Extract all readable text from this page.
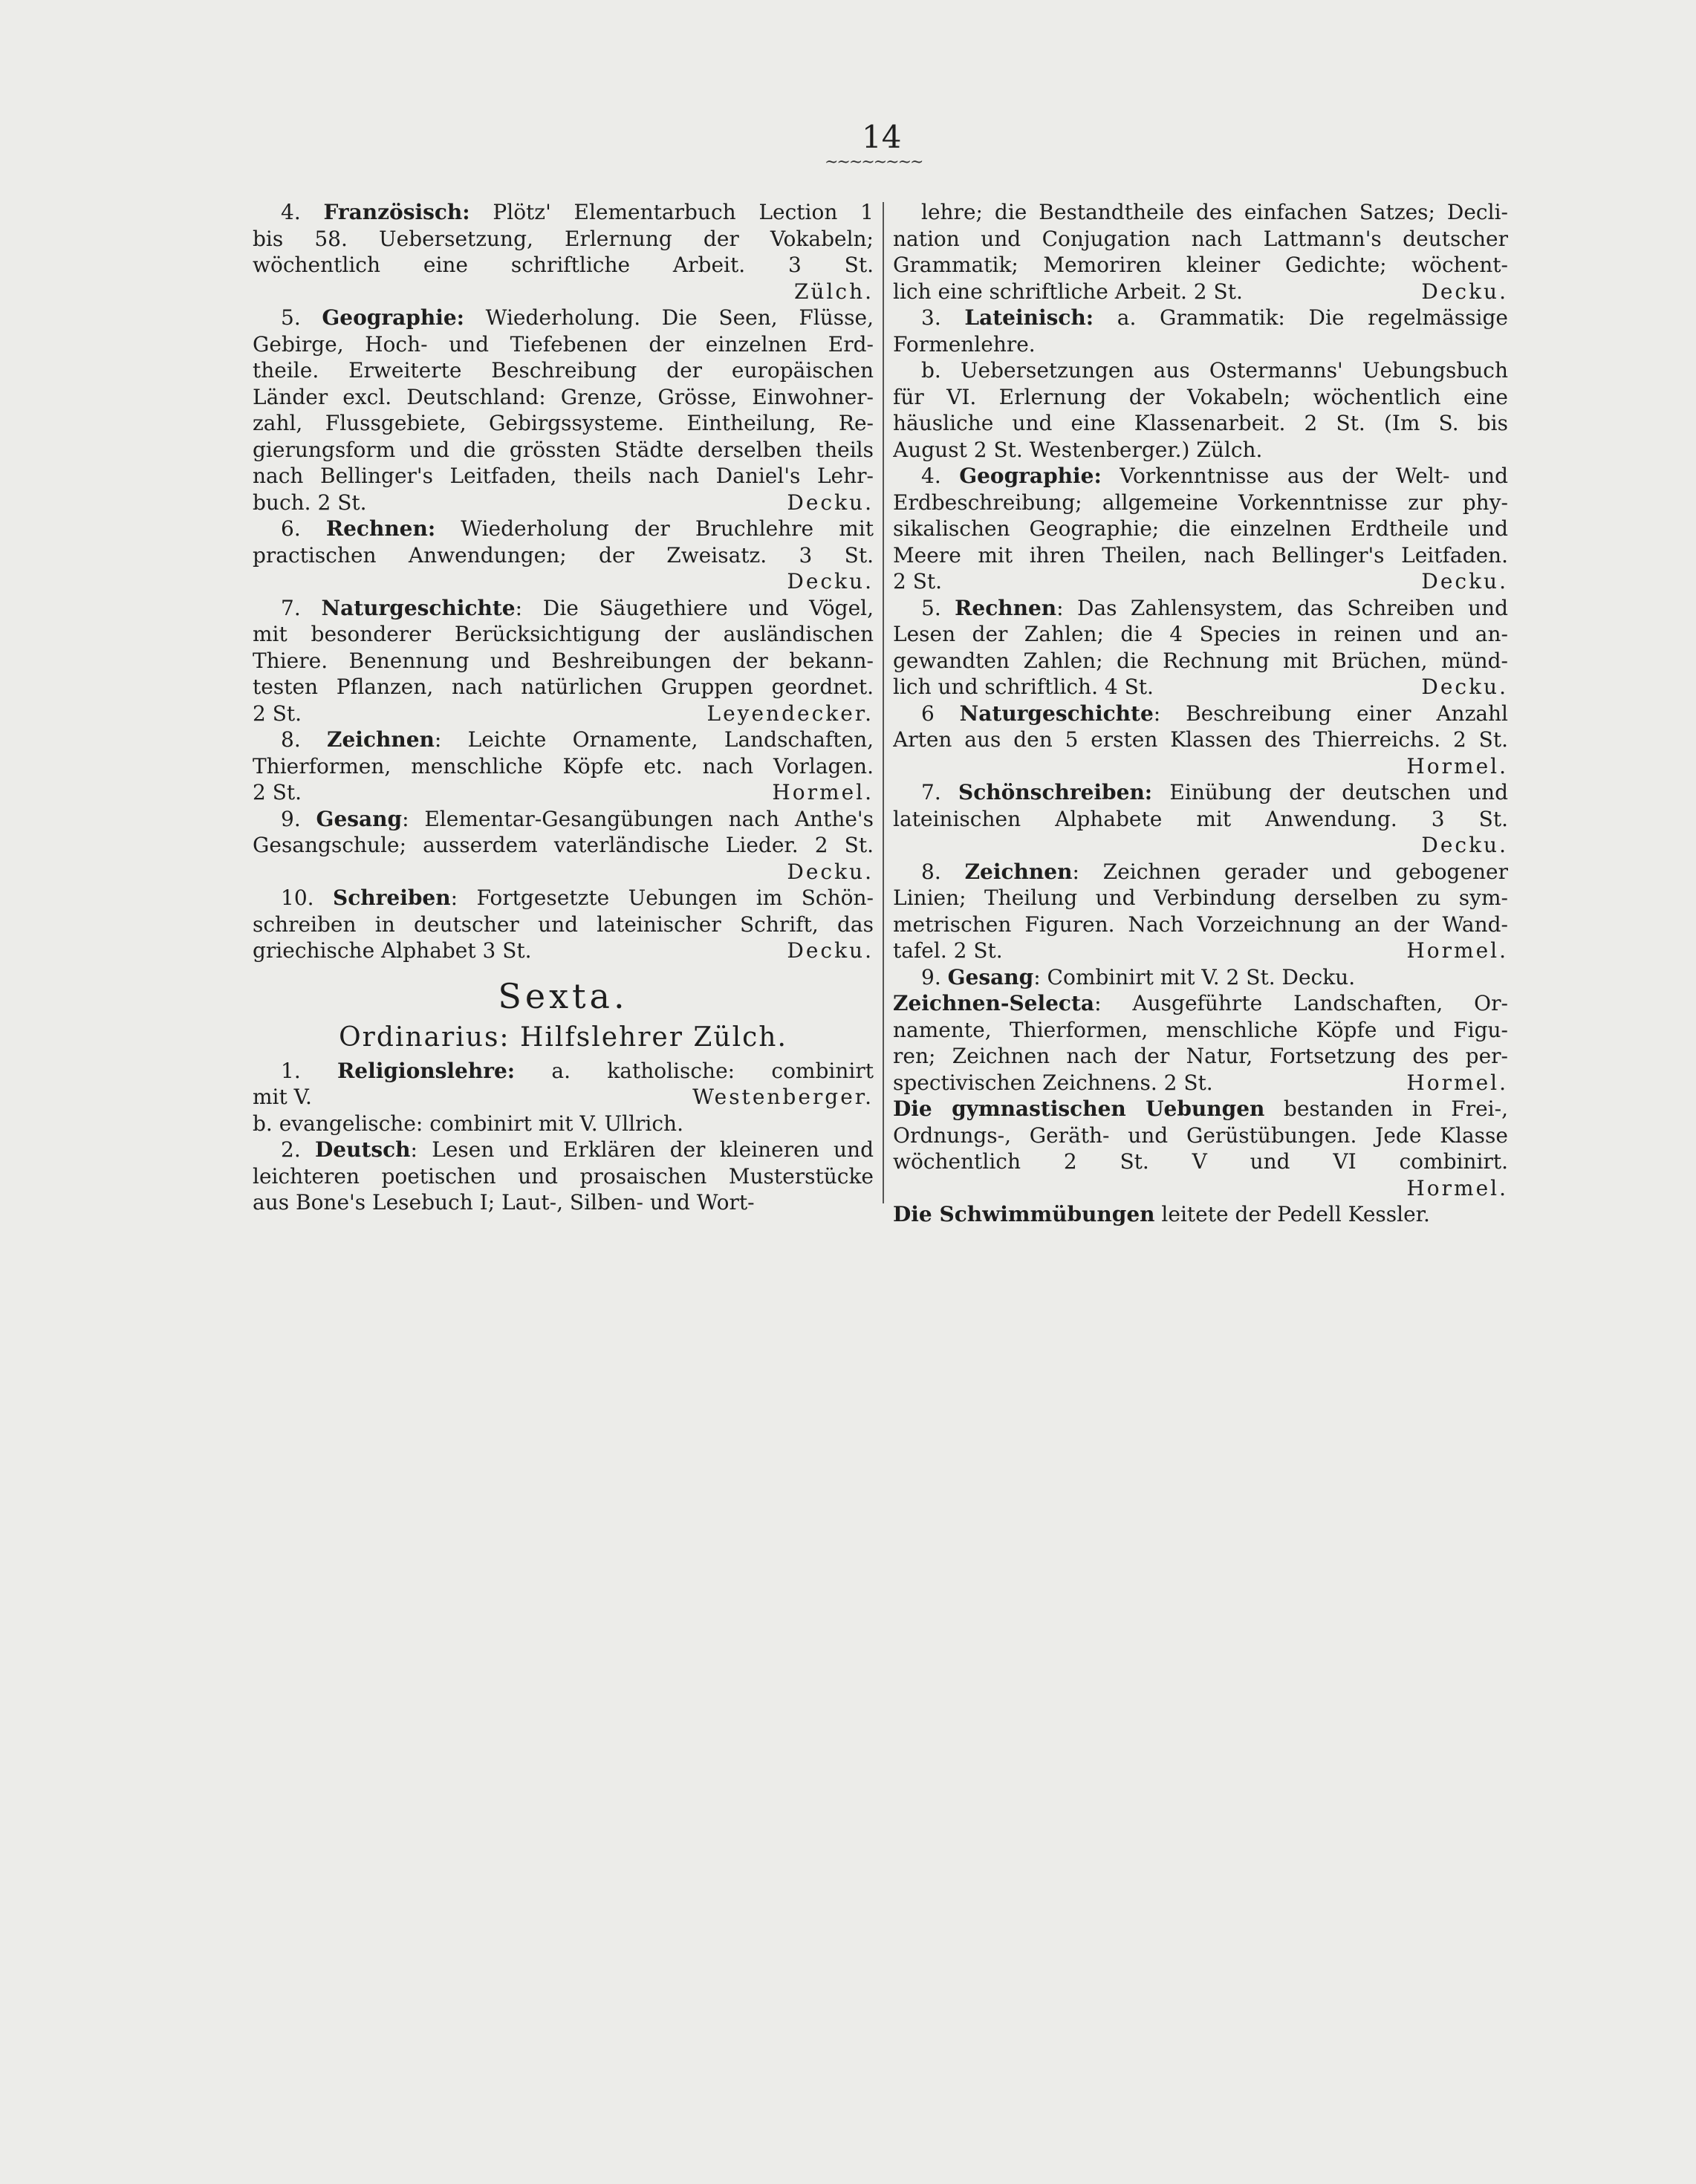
14
~~~~~~~~
4. Französisch: Plötz' Elementarbuch Lection 1
bis 58. Uebersetzung, Erlernung der Vokabeln;
wöchentlich eine schriftliche Arbeit. 3 St.
Zülch.
5. Geographie: Wiederholung. Die Seen, Flüsse,
Gebirge, Hoch- und Tiefebenen der einzelnen Erd-
theile. Erweiterte Beschreibung der europäischen
Länder excl. Deutschland: Grenze, Grösse, Einwohner-
zahl, Flussgebiete, Gebirgssysteme. Eintheilung, Re-
gierungsform und die grössten Städte derselben theils
nach Bellinger's Leitfaden, theils nach Daniel's Lehr-
buch. 2 St.	Decku.
6. Rechnen: Wiederholung der Bruchlehre mit
practischen Anwendungen; der Zweisatz. 3 St.
Decku.
7. Naturgeschichte: Die Säugethiere und Vögel,
mit besonderer Berücksichtigung der ausländischen
Thiere. Benennung und Beshreibungen der bekann-
testen Pflanzen, nach natürlichen Gruppen geordnet.
2 St.	Leyendecker.
8. Zeichnen: Leichte Ornamente, Landschaften,
Thierformen, menschliche Köpfe etc. nach Vorlagen.
2 St.	Hormel.
9. Gesang: Elementar-Gesangübungen nach Anthe's
Gesangschule; ausserdem vaterländische Lieder. 2 St.
Decku.
10. Schreiben: Fortgesetzte Uebungen im Schön-
schreiben in deutscher und lateinischer Schrift, das
griechische Alphabet 3 St.	Decku.
Sexta.
Ordinarius: Hilfslehrer Zülch.
1. Religionslehre: a. katholische: combinirt
mit V.	Westenberger.
b. evangelische: combinirt mit V. Ullrich.
2. Deutsch: Lesen und Erklären der kleineren und
leichteren poetischen und prosaischen Musterstücke
aus Bone's Lesebuch I; Laut-, Silben- und Wort-
lehre; die Bestandtheile des einfachen Satzes; Decli-
nation und Conjugation nach Lattmann's deutscher
Grammatik; Memoriren kleiner Gedichte; wöchent-
lich eine schriftliche Arbeit. 2 St.	Decku.
3. Lateinisch: a. Grammatik: Die regelmässige
Formenlehre.
b. Uebersetzungen aus Ostermanns' Uebungsbuch
für VI. Erlernung der Vokabeln; wöchentlich eine
häusliche und eine Klassenarbeit. 2 St. (Im S. bis
August 2 St. Westenberger.) Zülch.
4. Geographie: Vorkenntnisse aus der Welt- und
Erdbeschreibung; allgemeine Vorkenntnisse zur phy-
sikalischen Geographie; die einzelnen Erdtheile und
Meere mit ihren Theilen, nach Bellinger's Leitfaden.
2 St.	Decku.
5. Rechnen: Das Zahlensystem, das Schreiben und
Lesen der Zahlen; die 4 Species in reinen und an-
gewandten Zahlen; die Rechnung mit Brüchen, münd-
lich und schriftlich. 4 St.	Decku.
6 Naturgeschichte: Beschreibung einer Anzahl
Arten aus den 5 ersten Klassen des Thierreichs. 2 St.
Hormel.
7. Schönschreiben: Einübung der deutschen und
lateinischen Alphabete mit Anwendung. 3 St.
Decku.
8. Zeichnen: Zeichnen gerader und gebogener
Linien; Theilung und Verbindung derselben zu sym-
metrischen Figuren. Nach Vorzeichnung an der Wand-
tafel. 2 St.	Hormel.
9. Gesang: Combinirt mit V. 2 St. Decku.
Zeichnen-Selecta: Ausgeführte Landschaften, Or-
namente, Thierformen, menschliche Köpfe und Figu-
ren; Zeichnen nach der Natur, Fortsetzung des per-
spectivischen Zeichnens. 2 St.	Hormel.
Die gymnastischen Uebungen bestanden in Frei-,
Ordnungs-, Geräth- und Gerüstübungen. Jede Klasse
wöchentlich 2 St. V und VI combinirt.
Hormel.
Die Schwimmübungen leitete der Pedell Kessler.
